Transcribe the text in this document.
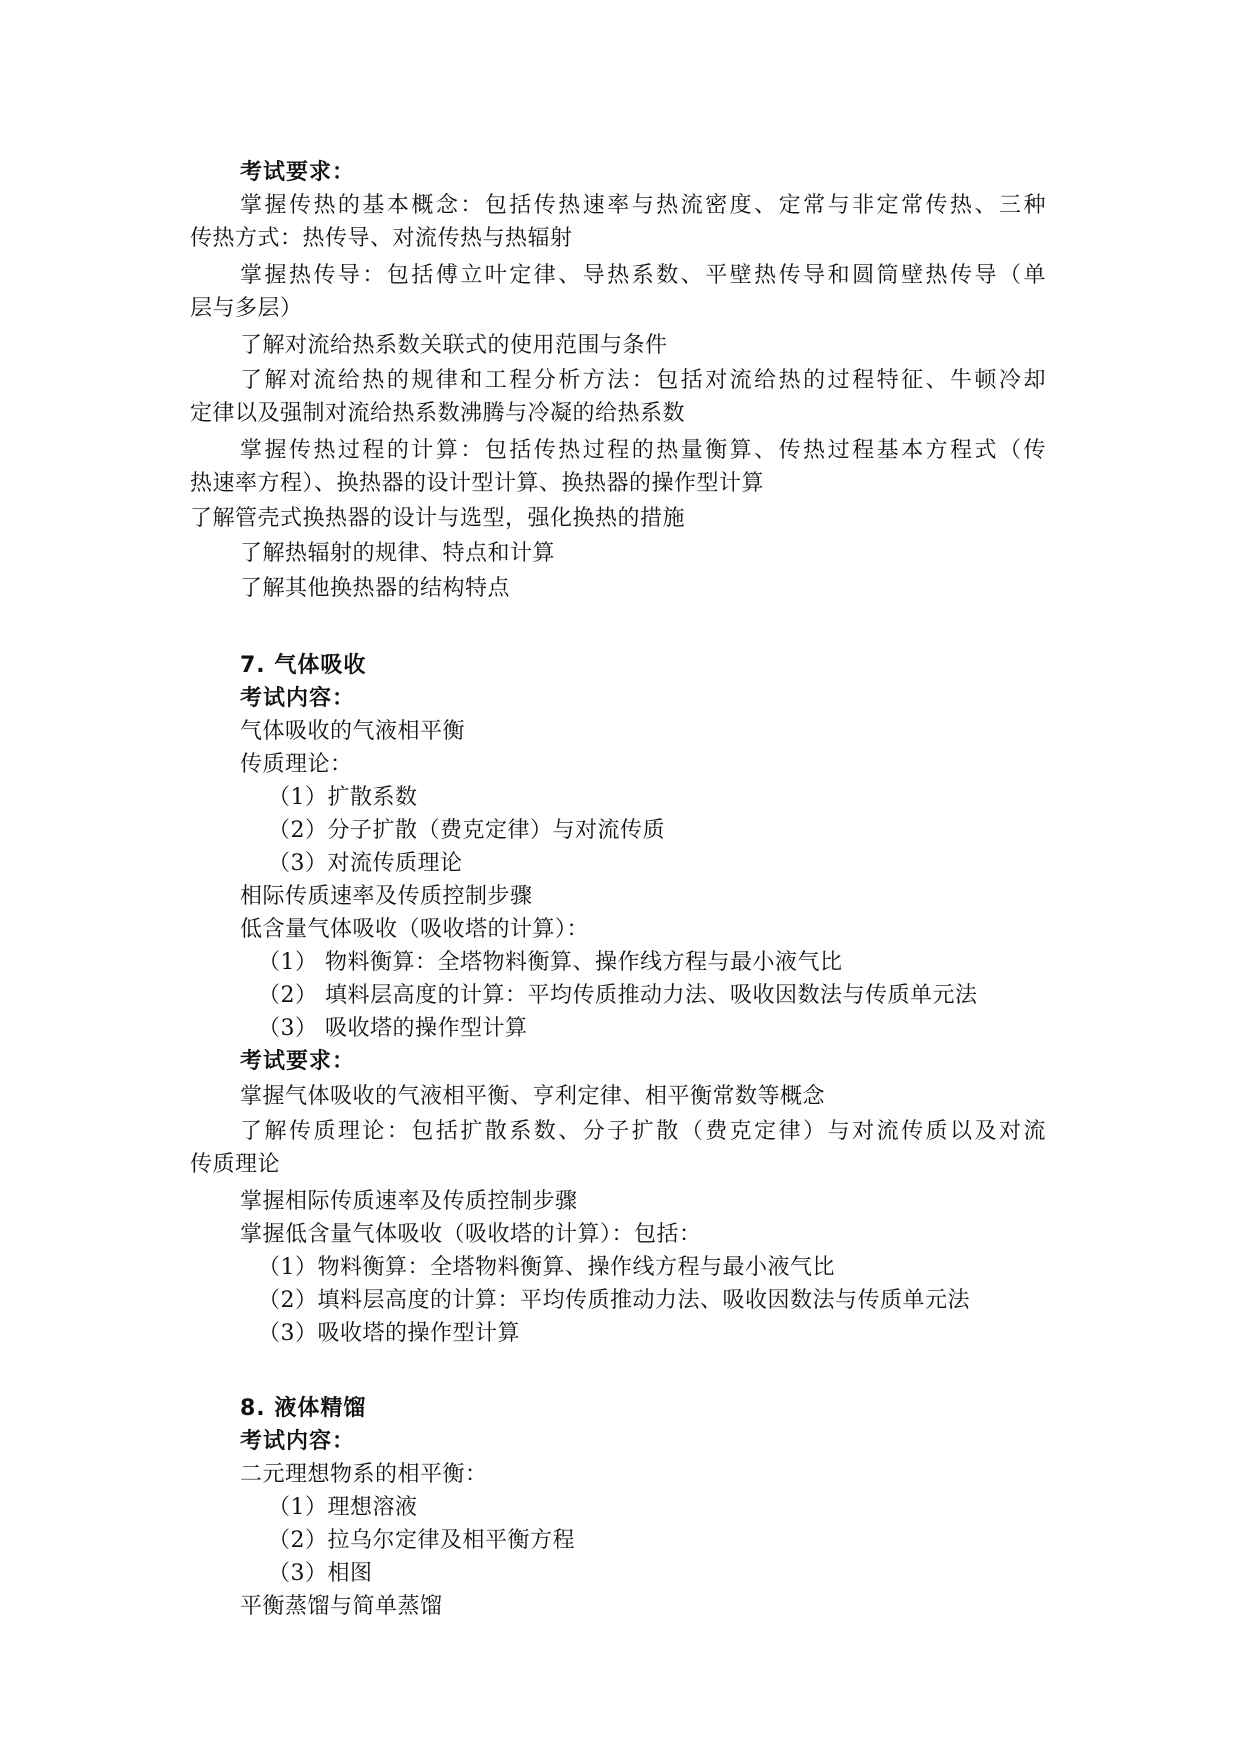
考试要求：
掌握传热的基本概念：包括传热速率与热流密度、定常与非定常传热、三种
传热方式：热传导、对流传热与热辐射
掌握热传导：包括傅立叶定律、导热系数、平壁热传导和圆筒壁热传导（单
层与多层）
了解对流给热系数关联式的使用范围与条件
了解对流给热的规律和工程分析方法：包括对流给热的过程特征、牛顿冷却
定律以及强制对流给热系数沸腾与冷凝的给热系数
掌握传热过程的计算：包括传热过程的热量衡算、传热过程基本方程式（传
热速率方程）、换热器的设计型计算、换热器的操作型计算
了解管壳式换热器的设计与选型，强化换热的措施
了解热辐射的规律、特点和计算
了解其他换热器的结构特点
7. 气体吸收
考试内容：
气体吸收的气液相平衡
传质理论：
（1）扩散系数
（2）分子扩散（费克定律）与对流传质
（3）对流传质理论
相际传质速率及传质控制步骤
低含量气体吸收（吸收塔的计算）：
（1） 物料衡算：全塔物料衡算、操作线方程与最小液气比
（2） 填料层高度的计算：平均传质推动力法、吸收因数法与传质单元法
（3） 吸收塔的操作型计算
考试要求：
掌握气体吸收的气液相平衡、亨利定律、相平衡常数等概念
了解传质理论：包括扩散系数、分子扩散（费克定律）与对流传质以及对流
传质理论
掌握相际传质速率及传质控制步骤
掌握低含量气体吸收（吸收塔的计算）：包括：
（1）物料衡算：全塔物料衡算、操作线方程与最小液气比
（2）填料层高度的计算：平均传质推动力法、吸收因数法与传质单元法
（3）吸收塔的操作型计算
8. 液体精馏
考试内容：
二元理想物系的相平衡：
（1）理想溶液
（2）拉乌尔定律及相平衡方程
（3）相图
平衡蒸馏与简单蒸馏
